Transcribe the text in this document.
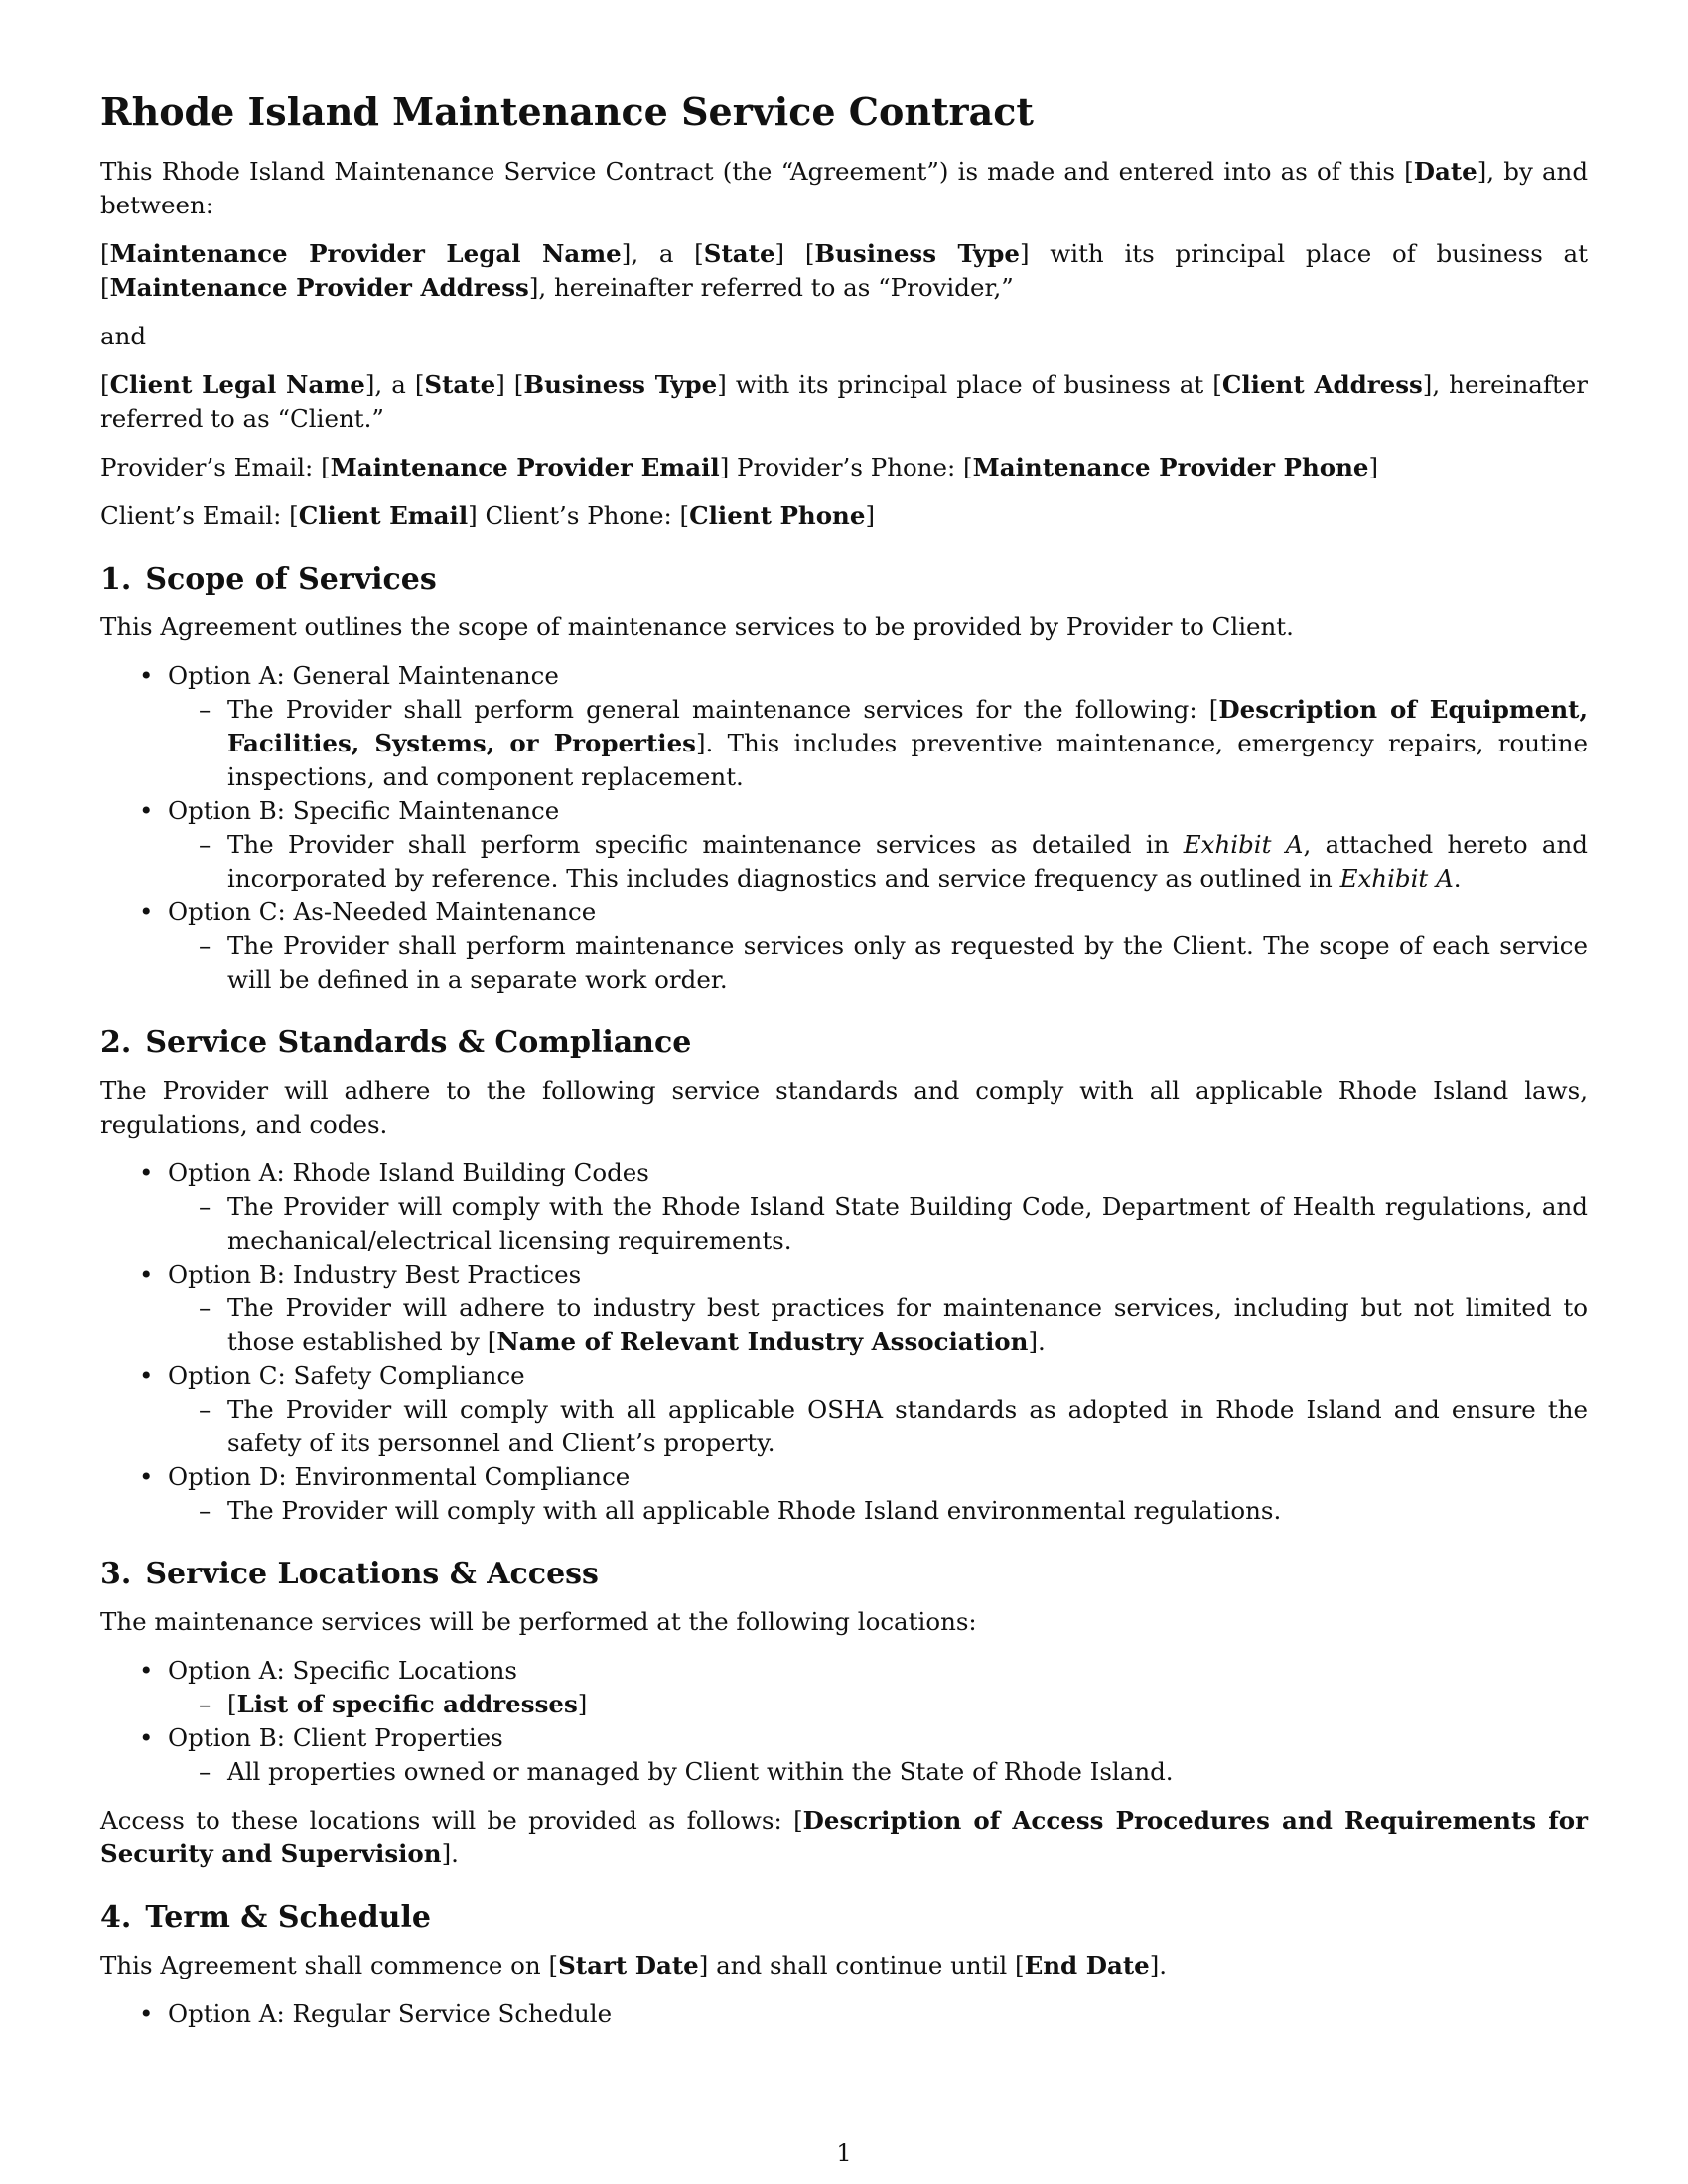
Rhode Island Maintenance Service Contract

This Rhode Island Maintenance Service Contract (the “Agreement”) is made and entered into as of this [Date], by and between:

[Maintenance Provider Legal Name], a [State] [Business Type] with its principal place of business at [Maintenance Provider Address], hereinafter referred to as “Provider,”

and

[Client Legal Name], a [State] [Business Type] with its principal place of business at [Client Address], hereinafter referred to as “Client.”

Provider’s Email: [Maintenance Provider Email] Provider’s Phone: [Maintenance Provider Phone]

Client’s Email: [Client Email] Client’s Phone: [Client Phone]

1. Scope of Services

This Agreement outlines the scope of maintenance services to be provided by Provider to Client.

• Option A: General Maintenance
– The Provider shall perform general maintenance services for the following: [Description of Equipment, Facilities, Systems, or Properties]. This includes preventive maintenance, emergency repairs, routine inspections, and component replacement.
• Option B: Specific Maintenance
– The Provider shall perform specific maintenance services as detailed in Exhibit A, attached hereto and incorporated by reference. This includes diagnostics and service frequency as outlined in Exhibit A.
• Option C: As-Needed Maintenance
– The Provider shall perform maintenance services only as requested by the Client. The scope of each service will be defined in a separate work order.
2. Service Standards & Compliance

The Provider will adhere to the following service standards and comply with all applicable Rhode Island laws, regulations, and codes.

• Option A: Rhode Island Building Codes
– The Provider will comply with the Rhode Island State Building Code, Department of Health regulations, and mechanical/electrical licensing requirements.
• Option B: Industry Best Practices
– The Provider will adhere to industry best practices for maintenance services, including but not limited to those established by [Name of Relevant Industry Association].
• Option C: Safety Compliance
– The Provider will comply with all applicable OSHA standards as adopted in Rhode Island and ensure the safety of its personnel and Client’s property.
• Option D: Environmental Compliance
– The Provider will comply with all applicable Rhode Island environmental regulations.
3. Service Locations & Access

The maintenance services will be performed at the following locations:

• Option A: Specific Locations
– [List of specific addresses]
• Option B: Client Properties
– All properties owned or managed by Client within the State of Rhode Island.

Access to these locations will be provided as follows: [Description of Access Procedures and Requirements for Security and Supervision].

4. Term & Schedule

This Agreement shall commence on [Start Date] and shall continue until [End Date].

• Option A: Regular Service Schedule
1
